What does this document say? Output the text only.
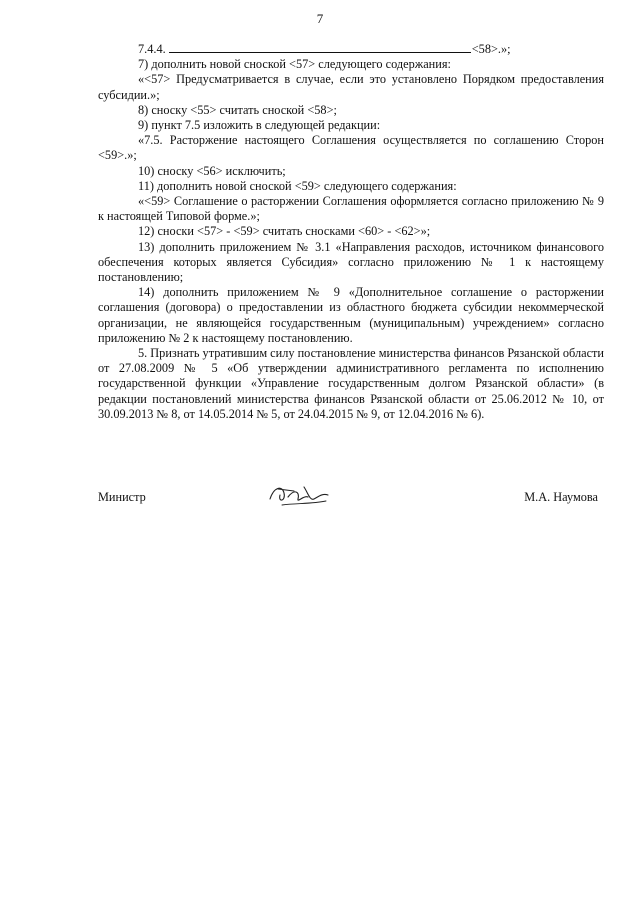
7

7.4.4.	<58>.»;

7) дополнить новой сноской <57> следующего содержания:

«<57> Предусматривается в случае, если это установлено Порядком предоставления субсидии.»;

8) сноску <55> считать сноской <58>;

9) пункт 7.5 изложить в следующей редакции:

«7.5. Расторжение настоящего Соглашения осуществляется по соглашению Сторон <59>.»;

10) сноску <56> исключить;

11) дополнить новой сноской <59> следующего содержания:

«<59> Соглашение о расторжении Соглашения оформляется согласно приложению № 9 к настоящей Типовой форме.»;

12) сноски <57> - <59> считать сносками <60> - <62>»;

13) дополнить приложением № 3.1 «Направления расходов, источником финансового обеспечения которых является Субсидия» согласно приложению № 1 к настоящему постановлению;

14) дополнить приложением № 9 «Дополнительное соглашение о расторжении соглашения (договора) о предоставлении из областного бюджета субсидии некоммерческой организации, не являющейся государственным (муниципальным) учреждением» согласно приложению № 2 к настоящему постановлению.

5. Признать утратившим силу постановление министерства финансов Рязанской области от 27.08.2009 № 5 «Об утверждении административного регламента по исполнению государственной функции «Управление государственным долгом Рязанской области» (в редакции постановлений министерства финансов Рязанской области от 25.06.2012 № 10, от 30.09.2013 № 8, от 14.05.2014 № 5, от 24.04.2015 № 9, от 12.04.2016 № 6).

Министр	М.А. Наумова
